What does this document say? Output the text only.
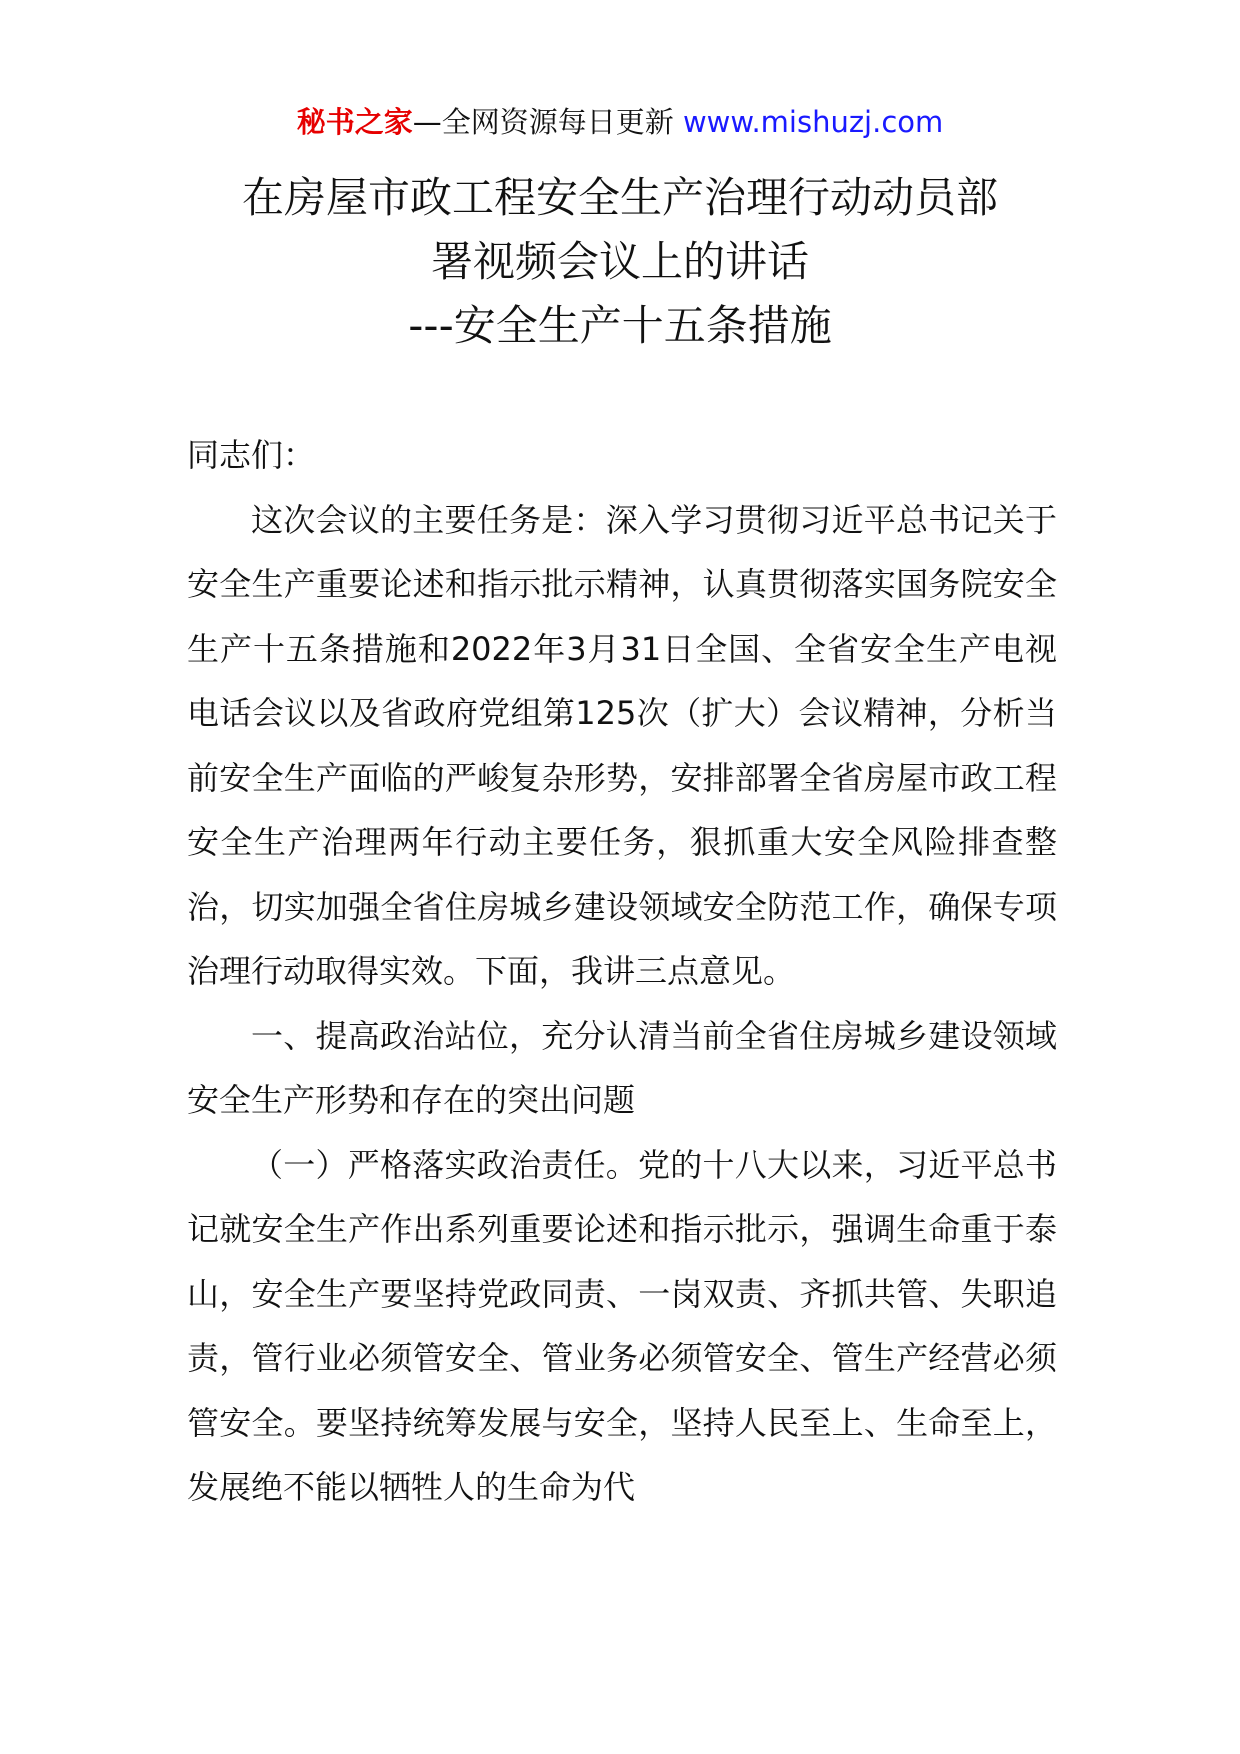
秘书之家—全网资源每日更新 www.mishuzj.com
在房屋市政工程安全生产治理行动动员部
署视频会议上的讲话
---安全生产十五条措施

同志们：

这次会议的主要任务是：深入学习贯彻习近平总书记关于安全生产重要论述和指示批示精神，认真贯彻落实国务院安全生产十五条措施和2022年3月31日全国、全省安全生产电视电话会议以及省政府党组第125次（扩大）会议精神，分析当前安全生产面临的严峻复杂形势，安排部署全省房屋市政工程安全生产治理两年行动主要任务，狠抓重大安全风险排查整治，切实加强全省住房城乡建设领域安全防范工作，确保专项治理行动取得实效。下面，我讲三点意见。

一、提高政治站位，充分认清当前全省住房城乡建设领域安全生产形势和存在的突出问题

（一）严格落实政治责任。党的十八大以来，习近平总书记就安全生产作出系列重要论述和指示批示，强调生命重于泰山，安全生产要坚持党政同责、一岗双责、齐抓共管、失职追责，管行业必须管安全、管业务必须管安全、管生产经营必须管安全。要坚持统筹发展与安全，坚持人民至上、生命至上，发展绝不能以牺牲人的生命为代
